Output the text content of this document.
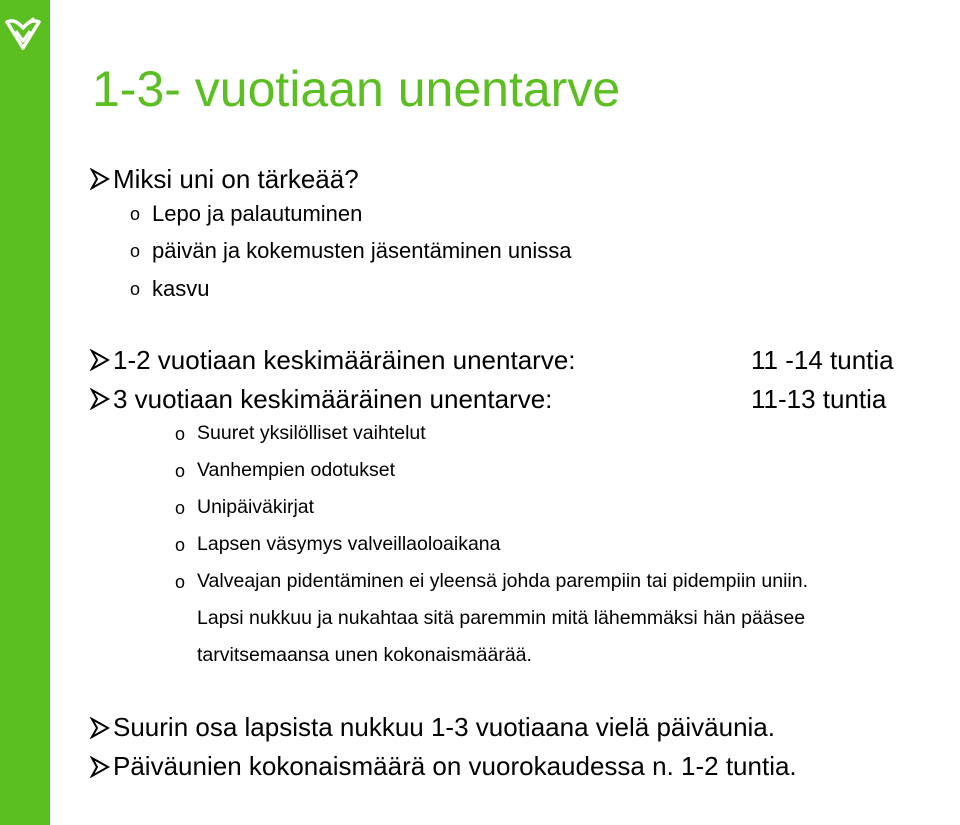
1-3- vuotiaan unentarve
Miksi uni on tärkeää?
o Lepo ja palautuminen
o päivän ja kokemusten jäsentäminen unissa
o kasvu
1-2 vuotiaan keskimääräinen unentarve:	11 -14 tuntia
3 vuotiaan keskimääräinen unentarve:	11-13 tuntia
o Suuret yksilölliset vaihtelut
o Vanhempien odotukset
o Unipäiväkirjat
o Lapsen väsymys valveillaoloaikana
o Valveajan pidentäminen ei yleensä johda parempiin tai pidempiin uniin.
Lapsi nukkuu ja nukahtaa sitä paremmin mitä lähemmäksi hän pääsee
tarvitsemaansa unen kokonaismäärää.
Suurin osa lapsista nukkuu 1-3 vuotiaana vielä päiväunia.
Päiväunien kokonaismäärä on vuorokaudessa n. 1-2 tuntia.
